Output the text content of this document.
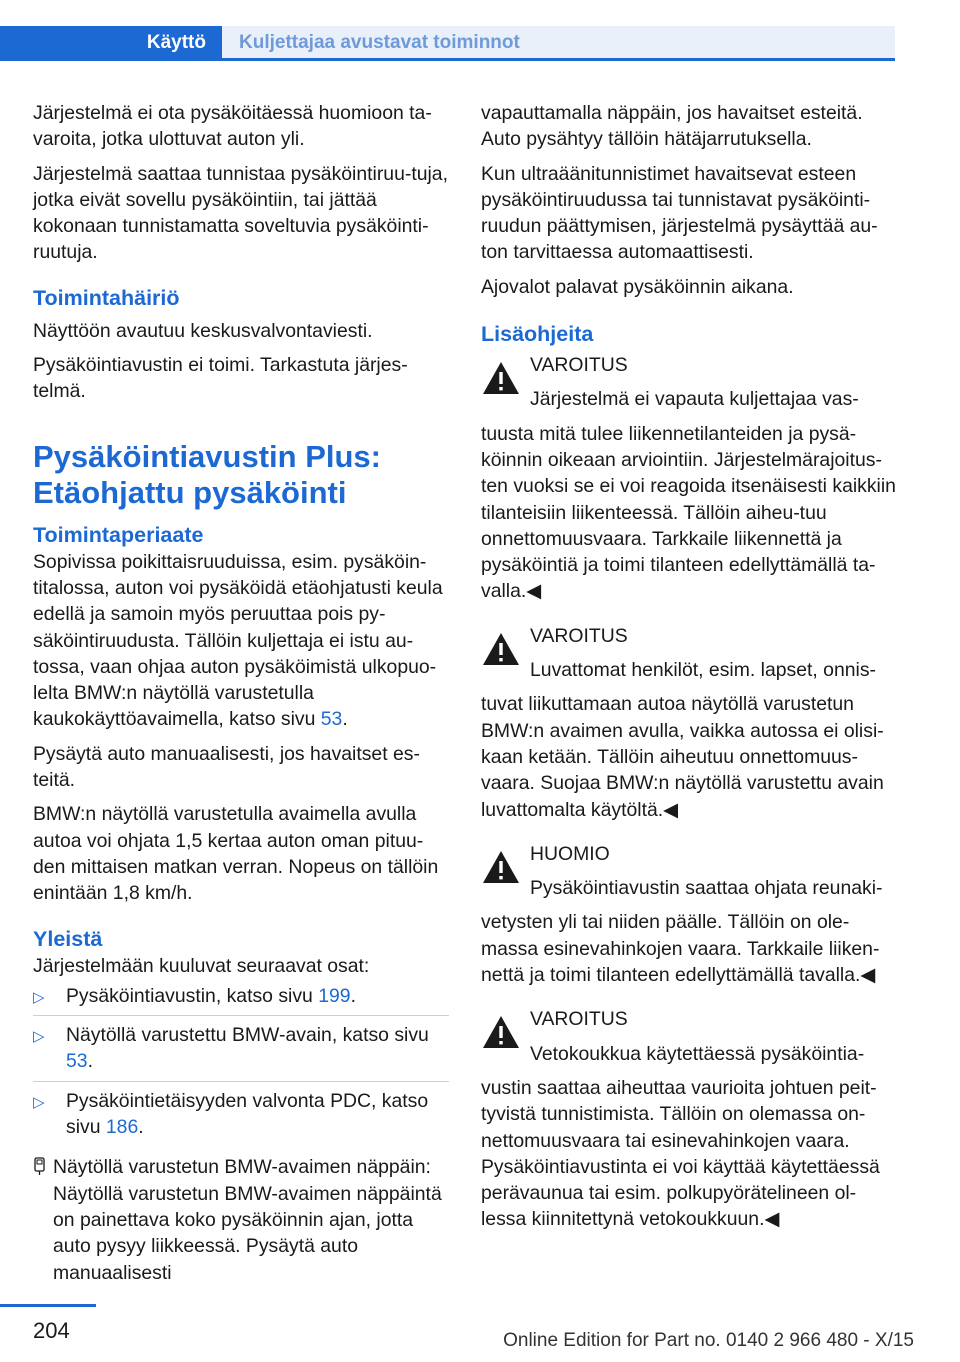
Käyttö	Kuljettajaa avustavat toiminnot

Järjestelmä ei ota pysäköitäessä huomioon ta‐varoita, jotka ulottuvat auton yli.

Järjestelmä saattaa tunnistaa pysäköintiruu‐tuja, jotka eivät sovellu pysäköintiin, tai jättää kokonaan tunnistamatta soveltuvia pysäköinti‐ruutuja.

Toimintahäiriö

Näyttöön avautuu keskusvalvontaviesti.

Pysäköintiavustin ei toimi. Tarkastuta järjes‐telmä.

Pysäköintiavustin Plus: Etäohjattu pysäköinti
Toimintaperiaate

Sopivissa poikittaisruuduissa, esim. pysäköin‐titalossa, auton voi pysäköidä etäohjatusti keula edellä ja samoin myös peruuttaa pois py‐säköintiruudusta. Tällöin kuljettaja ei istu au‐tossa, vaan ohjaa auton pysäköimistä ulkopuo‐lelta BMW:n näytöllä varustetulla kaukokäyttöavaimella, katso sivu 53.

Pysäytä auto manuaalisesti, jos havaitset es‐teitä.

BMW:n näytöllä varustetulla avaimella avulla autoa voi ohjata 1,5 kertaa auton oman pituu‐den mittaisen matkan verran. Nopeus on tällöin enintään 1,8 km/h.

Yleistä

Järjestelmään kuuluvat seuraavat osat:

▷ Pysäköintiavustin, katso sivu 199.
▷ Näytöllä varustettu BMW-avain, katso sivu 53.
▷ Pysäköintietäisyyden valvonta PDC, katso sivu 186.

Näytöllä varustetun BMW-avaimen näppäin: Näytöllä varustetun BMW-avaimen näppäintä on painettava koko pysäköinnin ajan, jotta auto pysyy liikkeessä. Pysäytä auto manuaalisesti

vapauttamalla näppäin, jos havaitset esteitä. Auto pysähtyy tällöin hätäjarrutuksella.

Kun ultraäänitunnistimet havaitsevat esteen pysäköintiruudussa tai tunnistavat pysäköinti‐ruudun päättymisen, järjestelmä pysäyttää au‐ton tarvittaessa automaattisesti.

Ajovalot palavat pysäköinnin aikana.

Lisäohjeita

VAROITUS

Järjestelmä ei vapauta kuljettajaa vas‐

tuusta mitä tulee liikennetilanteiden ja pysä‐köinnin oikeaan arviointiin. Järjestelmärajoitus‐ten vuoksi se ei voi reagoida itsenäisesti kaikkiin tilanteisiin liikenteessä. Tällöin aiheu‐tuu onnettomuusvaara. Tarkkaile liikennettä ja pysäköintiä ja toimi tilanteen edellyttämällä ta‐valla.◀

VAROITUS

Luvattomat henkilöt, esim. lapset, onnis‐

tuvat liikuttamaan autoa näytöllä varustetun BMW:n avaimen avulla, vaikka autossa ei olisi‐kaan ketään. Tällöin aiheutuu onnettomuus‐vaara. Suojaa BMW:n näytöllä varustettu avain luvattomalta käytöltä.◀

HUOMIO

Pysäköintiavustin saattaa ohjata reunaki‐

vetysten yli tai niiden päälle. Tällöin on ole‐massa esinevahinkojen vaara. Tarkkaile liiken‐nettä ja toimi tilanteen edellyttämällä tavalla.◀

VAROITUS

Vetokoukkua käytettäessä pysäköintia‐

vustin saattaa aiheuttaa vaurioita johtuen peit‐tyvistä tunnistimista. Tällöin on olemassa on‐nettomuusvaara tai esinevahinkojen vaara. Pysäköintiavustinta ei voi käyttää käytettäessä perävaunua tai esim. polkupyörätelineen ol‐lessa kiinnitettynä vetokoukkuun.◀

204	Online Edition for Part no. 0140 2 966 480 - X/15
